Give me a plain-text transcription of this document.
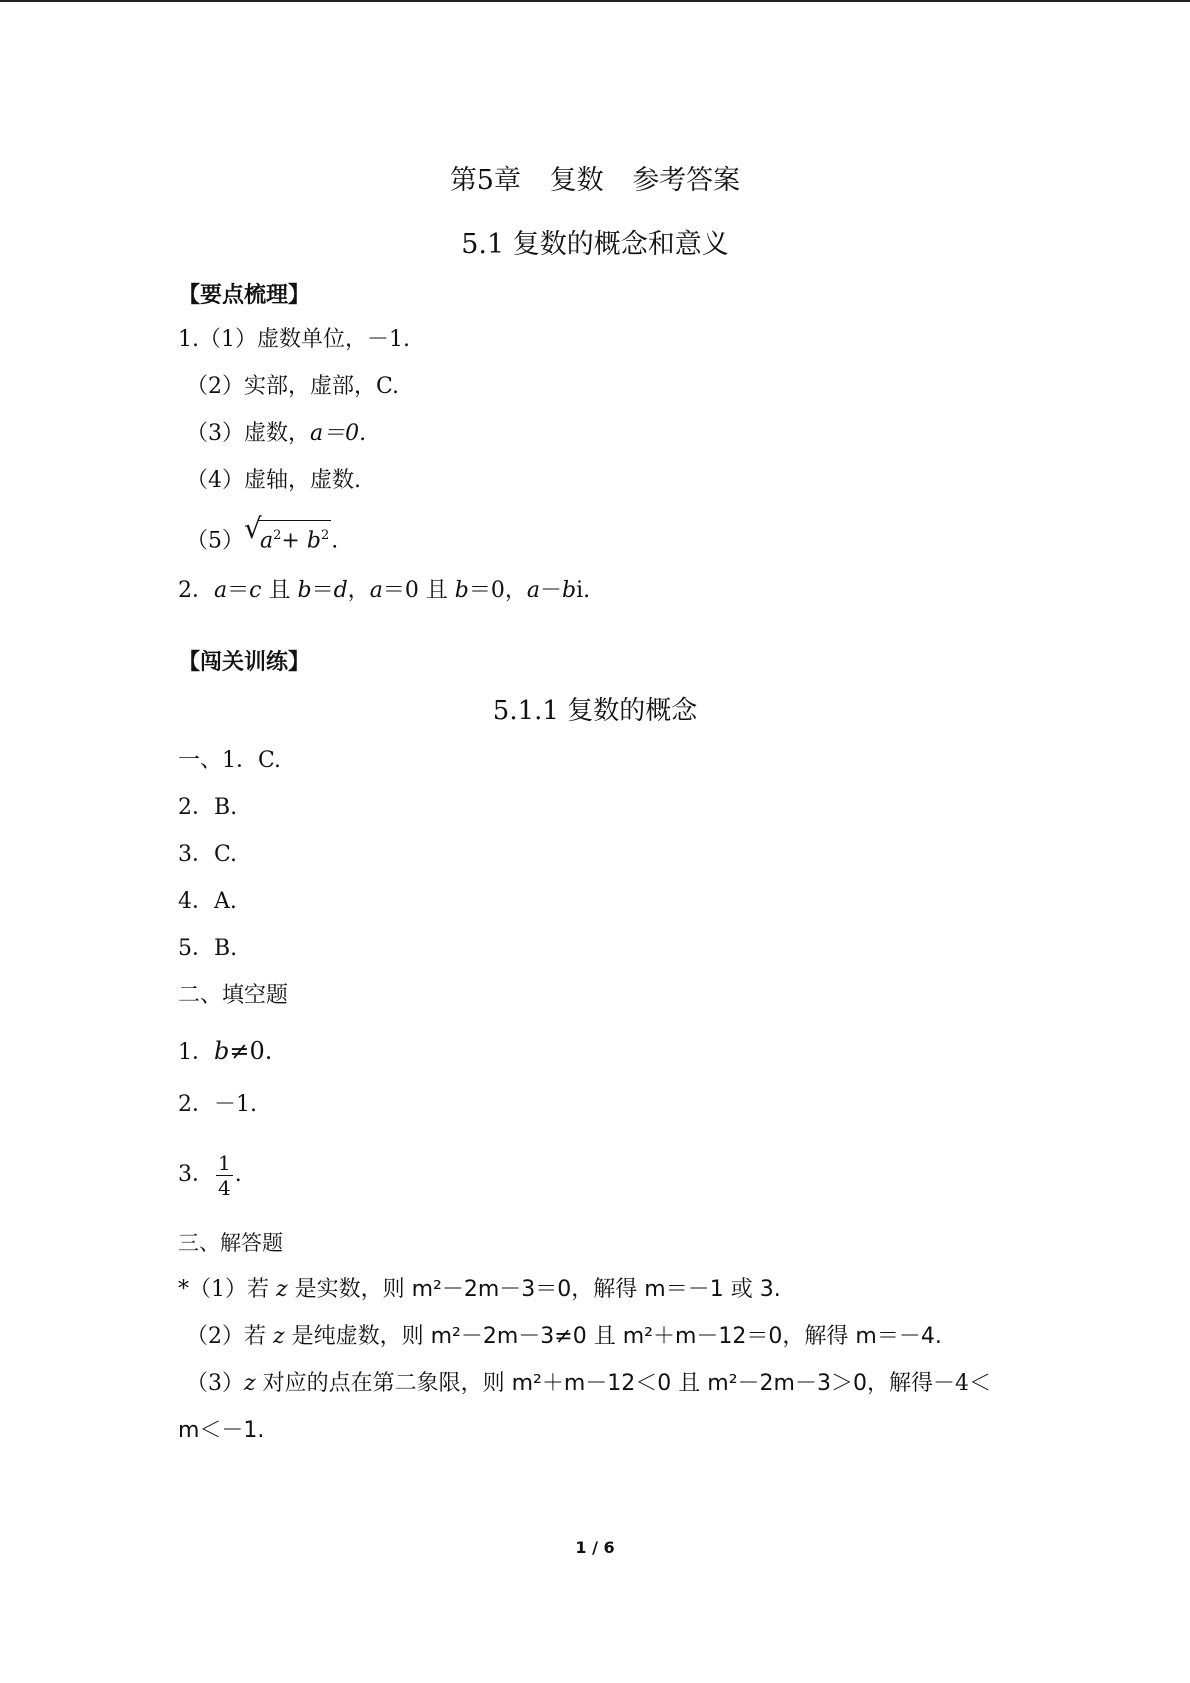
第5章 复数 参考答案
5.1 复数的概念和意义
【要点梳理】
1.（1）虚数单位，－1.
（2）实部，虚部，C.
（3）虚数，a＝0.
（4）虚轴，虚数.
（5） √
$a^2+ b^2$.
2．a＝c 且 b＝d，a＝0 且 b＝0，a－bi.
【闯关训练】
5.1.1 复数的概念
一、1．C.
2．B.
3．C.
4．A.
5．B.
二、填空题
1．b≠0.
2．－1.
3． $\frac{1}{4}$ .
三、解答题
*（1）若 z 是实数，则 m²－2m－3＝0，解得 m＝－1 或 3.
（2）若 z 是纯虚数，则 m²－2m－3≠0 且 m²＋m－12＝0，解得 m＝－4.
（3）z 对应的点在第二象限，则 m²＋m－12＜0 且 m²－2m－3＞0，解得－4＜
m＜－1.
1 / 6
